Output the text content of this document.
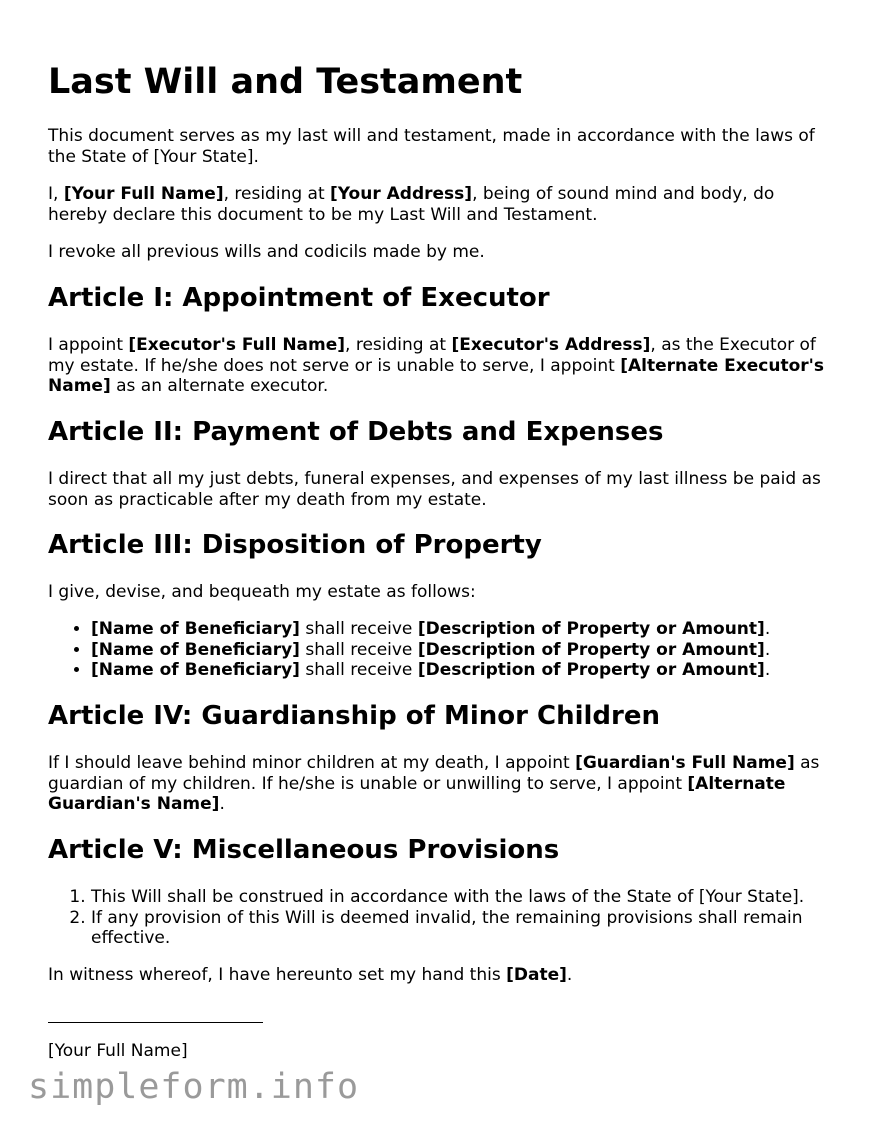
Last Will and Testament

This document serves as my last will and testament, made in accordance with the laws of the State of [Your State].

I, [Your Full Name], residing at [Your Address], being of sound mind and body, do hereby declare this document to be my Last Will and Testament.

I revoke all previous wills and codicils made by me.

Article I: Appointment of Executor

I appoint [Executor's Full Name], residing at [Executor's Address], as the Executor of my estate. If he/she does not serve or is unable to serve, I appoint [Alternate Executor's Name] as an alternate executor.

Article II: Payment of Debts and Expenses

I direct that all my just debts, funeral expenses, and expenses of my last illness be paid as soon as practicable after my death from my estate.

Article III: Disposition of Property

I give, devise, and bequeath my estate as follows:

• [Name of Beneficiary] shall receive [Description of Property or Amount].
• [Name of Beneficiary] shall receive [Description of Property or Amount].
• [Name of Beneficiary] shall receive [Description of Property or Amount].
Article IV: Guardianship of Minor Children

If I should leave behind minor children at my death, I appoint [Guardian's Full Name] as guardian of my children. If he/she is unable or unwilling to serve, I appoint [Alternate Guardian's Name].

Article V: Miscellaneous Provisions
1. This Will shall be construed in accordance with the laws of the State of [Your State].
2. If any provision of this Will is deemed invalid, the remaining provisions shall remain effective.

In witness whereof, I have hereunto set my hand this [Date].

[Your Full Name]

simpleform.info
